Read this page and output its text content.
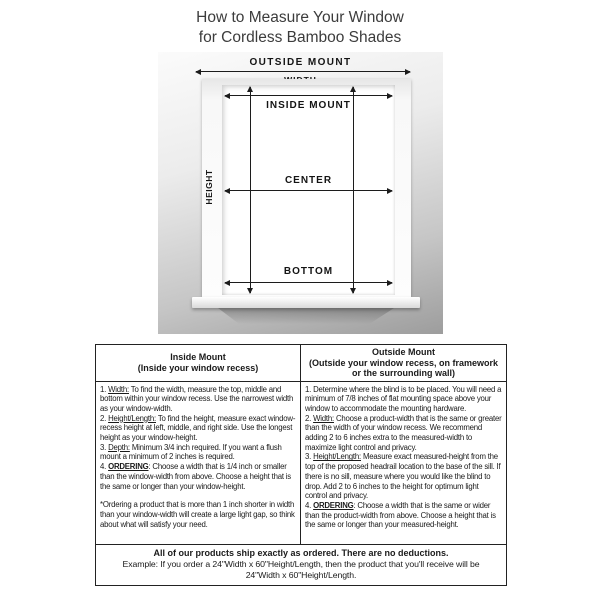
How to Measure Your Window
for Cordless Bamboo Shades
OUTSIDE MOUNT
INSIDE MOUNT
CENTER
BOTTOM
HEIGHT
Inside Mount
(Inside your window recess)
Outside Mount
(Outside your window recess, on framework or the surrounding wall)

1. Width: To find the width, measure the top, middle and bottom within your window recess. Use the narrowest width as your window-width.

2. Height/Length: To find the height, measure exact window-recess height at left, middle, and right side. Use the longest height as your window-height.

3. Depth: Minimum 3/4 inch required. If you want a flush mount a minimum of 2 inches is required.

4. ORDERING: Choose a width that is 1/4 inch or smaller than the window-width from above. Choose a height that is the same or longer than your window-height.

*Ordering a product that is more than 1 inch shorter in width than your window-width will create a large light gap, so think about what will satisfy your need.

1. Determine where the blind is to be placed. You will need a minimum of 7/8 inches of flat mounting space above your window to accommodate the mounting hardware.

2. Width: Choose a product-width that is the same or greater than the width of your window recess. We recommend adding 2 to 6 inches extra to the measured-width to maximize light control and privacy.

3. Height/Length: Measure exact measured-height from the top of the proposed headrail location to the base of the sill. If there is no sill, measure where you would like the blind to drop. Add 2 to 6 inches to the height for optimum light control and privacy.

4. ORDERING: Choose a width that is the same or wider than the product-width from above. Choose a height that is the same or longer than your measured-height.

All of our products ship exactly as ordered. There are no deductions.
Example: If you order a 24"Width x 60"Height/Length, then the product that you'll receive will be
24"Width x 60"Height/Length.
